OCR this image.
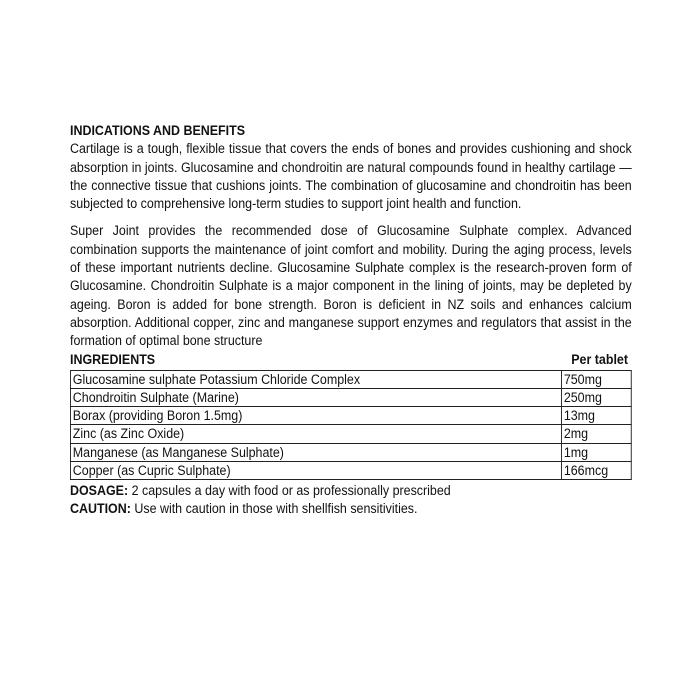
INDICATIONS AND BENEFITS

Cartilage is a tough, flexible tissue that covers the ends of bones and provides cushioning and shock absorption in joints. Glucosamine and chondroitin are natural compounds found in healthy cartilage — the connective tissue that cushions joints. The combination of glucosamine and chondroitin has been subjected to comprehensive long-term studies to support joint health and function.

Super Joint provides the recommended dose of Glucosamine Sulphate complex. Advanced combination supports the maintenance of joint comfort and mobility. During the aging process, levels of these important nutrients decline. Glucosamine Sulphate complex is the research-proven form of Glucosamine. Chondroitin Sulphate is a major component in the lining of joints, may be depleted by ageing. Boron is added for bone strength. Boron is deficient in NZ soils and enhances calcium absorption. Additional copper, zinc and manganese support enzymes and regulators that assist in the formation of optimal bone structure

INGREDIENTS	Per tablet
Glucosamine sulphate Potassium Chloride Complex	750mg
Chondroitin Sulphate (Marine)	250mg
Borax (providing Boron 1.5mg)	13mg
Zinc (as Zinc Oxide)	2mg
Manganese (as Manganese Sulphate)	1mg
Copper (as Cupric Sulphate)	166mcg

DOSAGE: 2 capsules a day with food or as professionally prescribed

CAUTION: Use with caution in those with shellfish sensitivities.
